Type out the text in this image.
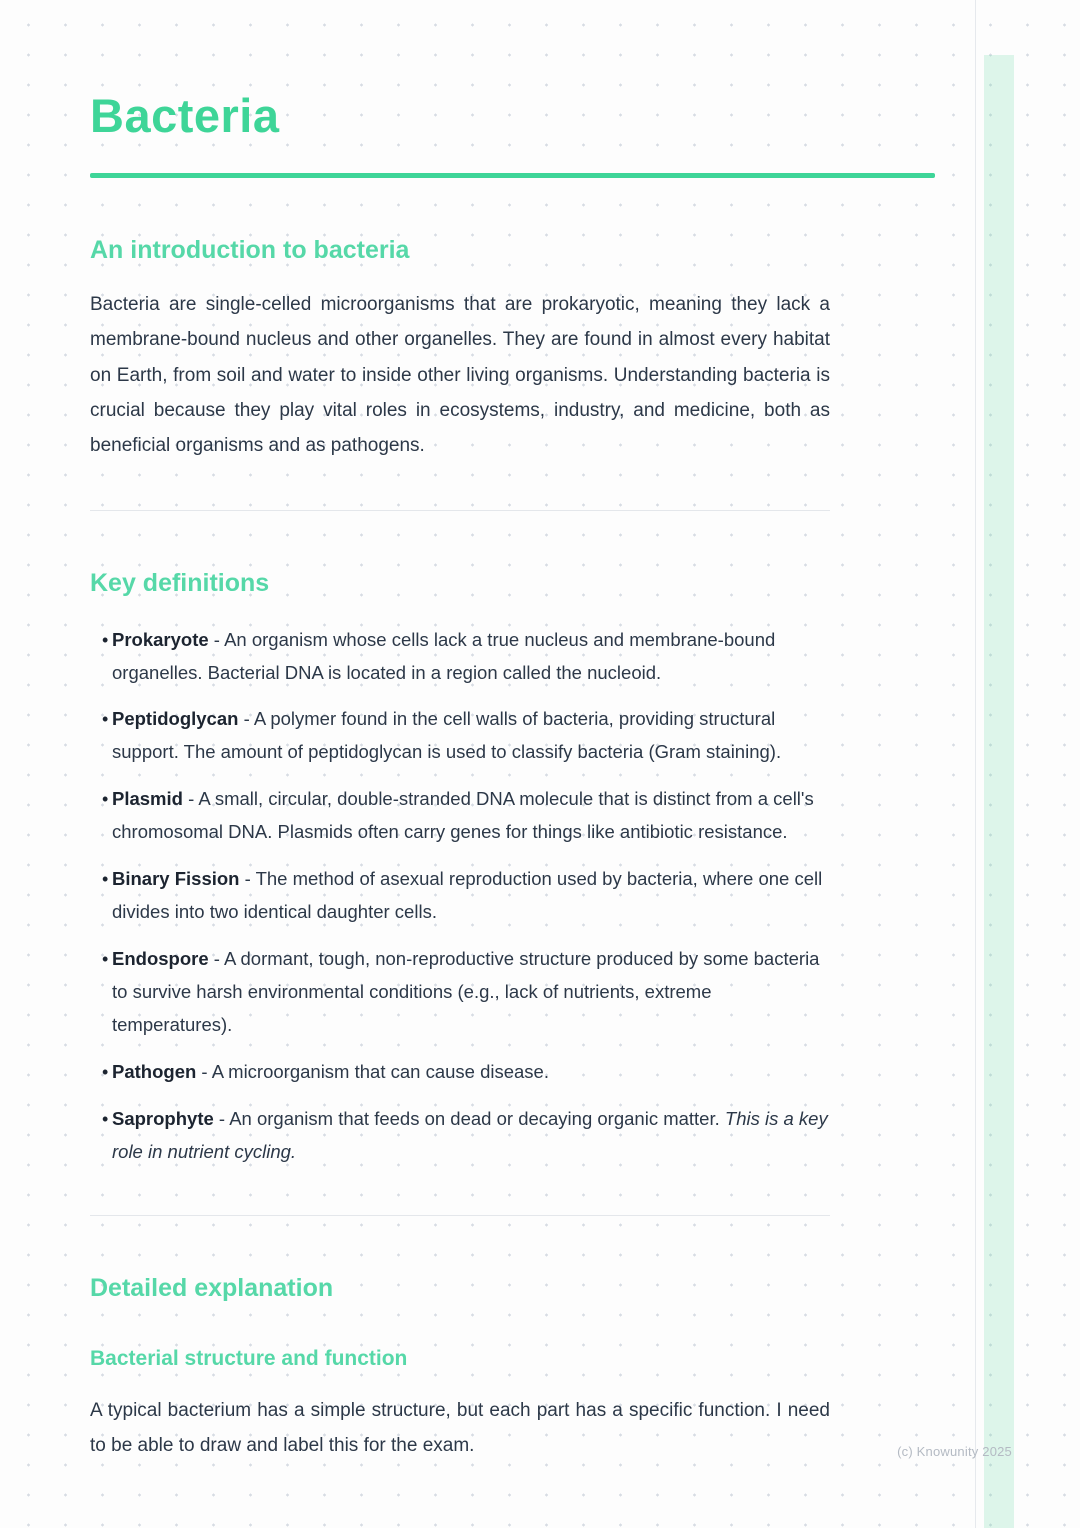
Bacteria
An introduction to bacteria

Bacteria are single-celled microorganisms that are prokaryotic, meaning they lack a membrane-bound nucleus and other organelles. They are found in almost every habitat on Earth, from soil and water to inside other living organisms. Understanding bacteria is crucial because they play vital roles in ecosystems, industry, and medicine, both as beneficial organisms and as pathogens.

Key definitions
• Prokaryote - An organism whose cells lack a true nucleus and membrane-bound organelles. Bacterial DNA is located in a region called the nucleoid.
• Peptidoglycan - A polymer found in the cell walls of bacteria, providing structural support. The amount of peptidoglycan is used to classify bacteria (Gram staining).
• Plasmid - A small, circular, double-stranded DNA molecule that is distinct from a cell's chromosomal DNA. Plasmids often carry genes for things like antibiotic resistance.
• Binary Fission - The method of asexual reproduction used by bacteria, where one cell divides into two identical daughter cells.
• Endospore - A dormant, tough, non-reproductive structure produced by some bacteria to survive harsh environmental conditions (e.g., lack of nutrients, extreme temperatures).
• Pathogen - A microorganism that can cause disease.
• Saprophyte - An organism that feeds on dead or decaying organic matter. This is a key role in nutrient cycling.
Detailed explanation
Bacterial structure and function

A typical bacterium has a simple structure, but each part has a specific function. I need to be able to draw and label this for the exam.	(c) Knowunity 2025
